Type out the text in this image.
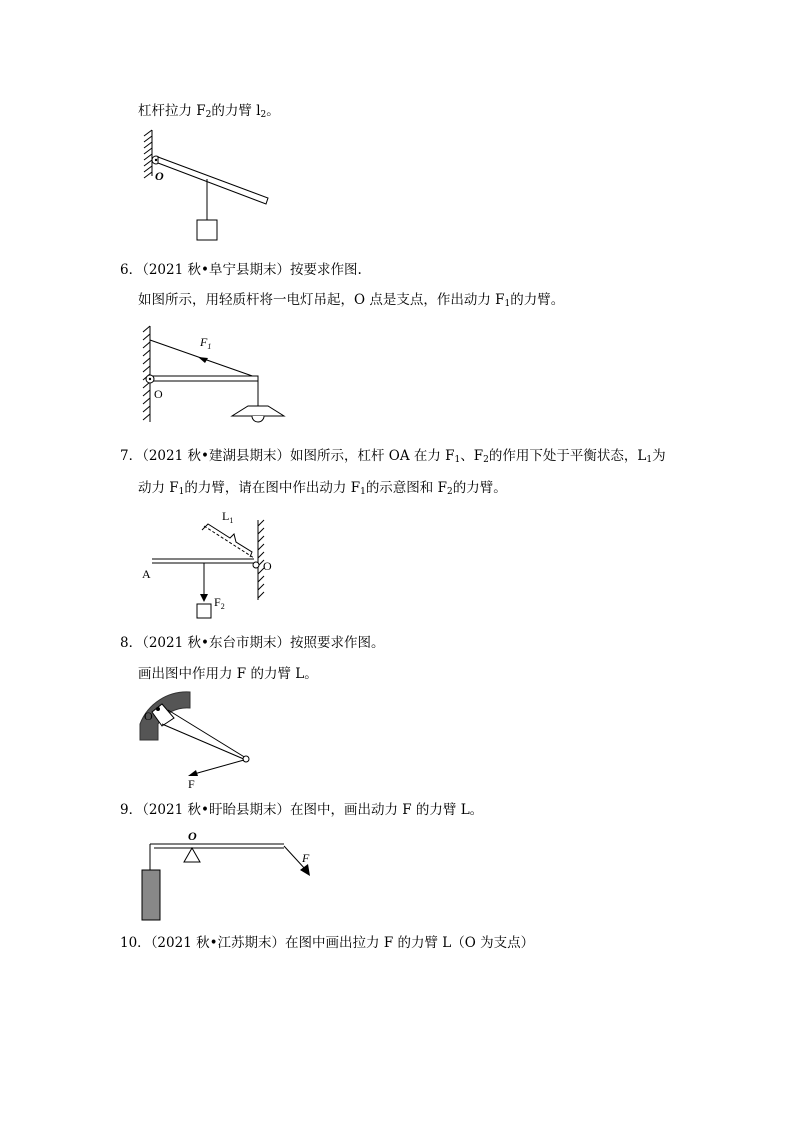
杠杆拉力 $F_2$的力臂 $l_2$。
O
6．（2021 秋•阜宁县期末）按要求作图.
如图所示，用轻质杆将一电灯吊起，O 点是支点，作出动力 $F_1$的力臂。
$F_1$
O
7．（2021 秋•建湖县期末）如图所示，杠杆 OA 在力 $F_1$、$F_2$的作用下处于平衡状态，$L_1$为
动力 $F_1$的力臂，请在图中作出动力 $F_1$的示意图和 $F_2$的力臂。
$L_1$
A
O
$F_2$
8．（2021 秋•东台市期末）按照要求作图。
画出图中作用力 F 的力臂 L。
O
F
9．（2021 秋•盱眙县期末）在图中，画出动力 F 的力臂 L。
O
F
10．（2021 秋•江苏期末）在图中画出拉力 F 的力臂 L（O 为支点）
